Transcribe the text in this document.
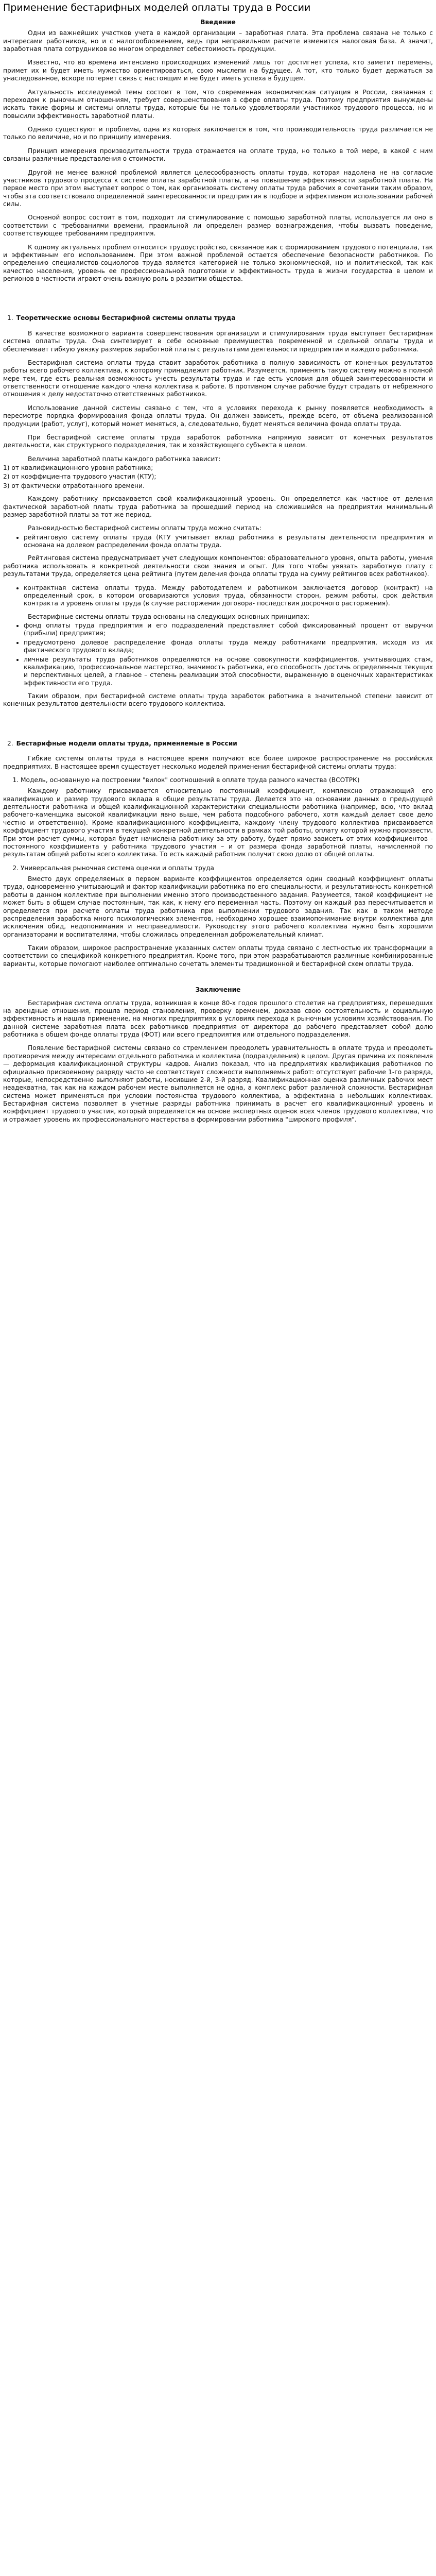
Применение бестарифных моделей оплаты труда в России
Введение

Одни из важнейших участков учета в каждой организации – заработная плата. Эта проблема связана не только с интересами работников, но и с налогообложением, ведь при неправильном расчете изменится налоговая база. А значит, заработная плата сотрудников во многом определяет себестоимость продукции.

Известно, что во времена интенсивно происходящих изменений лишь тот достигнет успеха, кто заметит перемены, примет их и будет иметь мужество ориентироваться, свою мыслепи на будущее. А тот, кто только будет держаться за унаследованное, вскоре потеряет связь с настоящим и не будет иметь успеха в будущем.

Актуальность исследуемой темы состоит в том, что современная экономическая ситуация в России, связанная с переходом к рыночным отношениям, требует совершенствования в сфере оплаты труда. Поэтому предприятия вынуждены искать такие формы и системы оплаты труда, которые бы не только удовлетворяли участников трудового процесса, но и повысили эффективность заработной платы.

Однако существуют и проблемы, одна из которых заключается в том, что производительность труда различается не только по величине, но и по принципу измерения.

Принцип измерения производительности труда отражается на оплате труда, но только в той мере, в какой с ним связаны различные представления о стоимости.

Другой не менее важной проблемой является целесообразность оплаты труда, которая надолена не на согласие участников трудового процесса к системе оплаты заработной платы, а на повышение эффективности заработной платы. На первое место при этом выступает вопрос о том, как организовать систему оплаты труда рабочих в сочетании таким образом, чтобы эта соответствовало определенной заинтересованности предприятия в подборе и эффективном использовании рабочей силы.

Основной вопрос состоит в том, подходит ли стимулирование с помощью заработной платы, используется ли оно в соответствии с требованиями времени, правильной ли определен размер вознаграждения, чтобы вызвать поведение, соответствующее требованиям предприятия.

К одному актуальных проблем относится трудоустройство, связанное как с формированием трудового потенциала, так и эффективным его использованием. При этом важной проблемой остается обеспечение безопасности работников. По определению специалистов-социологов труда является категорией не только экономической, но и политической, так как качество населения, уровень ее профессиональной подготовки и эффективность труда в жизни государства в целом и регионов в частности играют очень важную роль в развитии общества.

1. Теоретические основы бестарифной системы оплаты труда

В качестве возможного варианта совершенствования организации и стимулирования труда выступает бестарифная система оплаты труда. Она синтезирует в себе основные преимущества повременной и сдельной оплаты труда и обеспечивает гибкую увязку размеров заработной платы с результатами деятельности предприятия и каждого работника.

Бестарифная система оплаты труда ставит заработок работника в полную зависимость от конечных результатов работы всего рабочего коллектива, к которому принадлежит работник. Разумеется, применять такую систему можно в полной мере тем, где есть реальная возможность учесть результаты труда и где есть условия для общей заинтересованности и ответственности отношение каждого члена коллектива к работе. В противном случае рабочие будут страдать от небрежного отношения к делу недостаточно ответственных работников.

Использование данной системы связано с тем, что в условиях перехода к рынку появляется необходимость в пересмотре порядка формирования фонда оплаты труда. Он должен зависеть, прежде всего, от объема реализованной продукции (работ, услуг), который может меняться, а, следовательно, будет меняться величина фонда оплаты труда.

При бестарифной системе оплаты труда заработок работника напрямую зависит от конечных результатов деятельности, как структурного подразделения, так и хозяйствующего субъекта в целом.

Величина заработной платы каждого работника зависит:

1) от квалификационного уровня работника;
2) от коэффициента трудового участия (КТУ);
3) от фактически отработанного времени.

Каждому работнику присваивается свой квалификационный уровень. Он определяется как частное от деления фактической заработной платы труда работника за прошедший период на сложившийся на предприятии минимальный размер заработной платы за тот же период.

Разновидностью бестарифной системы оплаты труда можно считать:

• рейтинговую систему оплаты труда (КТУ учитывает вклад работника в результаты деятельности предприятия и основана на долевом распределении фонда оплаты труда.

Рейтинговая система предусматривает учет следующих компонентов: образовательного уровня, опыта работы, умения работника использовать в конкретной деятельности свои знания и опыт. Для того чтобы увязать заработную плату с результатами труда, определяется цена рейтинга (путем деления фонда оплаты труда на сумму рейтингов всех работников).

• контрактная система оплаты труда. Между работодателем и работником заключается договор (контракт) на определенный срок, в котором оговариваются условия труда, обязанности сторон, режим работы, срок действия контракта и уровень оплаты труда (в случае расторжения договора- последствия досрочного расторжения).

Бестарифные системы оплаты труда основаны на следующих основных принципах:

• фонд оплаты труда предприятия и его подразделений представляет собой фиксированный процент от выручки (прибыли) предприятия;
• предусмотрено долевое распределение фонда оплаты труда между работниками предприятия, исходя из их фактического трудового вклада;
• личные результаты труда работников определяются на основе совокупности коэффициентов, учитывающих стаж, квалификацию, профессиональное мастерство, значимость работника, его способность достичь определенных текущих и перспективных целей, а главное – степень реализации этой способности, выраженную в оценочных характеристиках эффективности его труда.

Таким образом, при бестарифной системе оплаты труда заработок работника в значительной степени зависит от конечных результатов деятельности всего трудового коллектива.

2. Бестарифные модели оплаты труда, применяемые в России

Гибкие системы оплаты труда в настоящее время получают все более широкое распространение на российских предприятиях. В настоящее время существует несколько моделей применения бестарифной системы оплаты труда:

1. Модель, основанную на построении "вилок" соотношений в оплате труда разного качества (ВСОТРК)

Каждому работнику присваивается относительно постоянный коэффициент, комплексно отражающий его квалификацию и размер трудового вклада в общие результаты труда. Делается это на основании данных о предыдущей деятельности работника и общей квалификационной характеристики специальности работника (например, всю, что вклад рабочего-каменщика высокой квалификации явно выше, чем работа подсобного рабочего, хотя каждый делает свое дело честно и ответственно). Кроме квалификационного коэффициента, каждому члену трудового коллектива присваивается коэффициент трудового участия в текущей конкретной деятельности в рамках той работы, оплату которой нужно произвести. При этом расчет суммы, которая будет начислена работнику за эту работу, будет прямо зависеть от этих коэффициентов - постоянного коэффициента у работника трудового участия – и от размера фонда заработной платы, начисленной по результатам общей работы всего коллектива. То есть каждый работник получит свою долю от общей оплаты.

2. Универсальная рыночная система оценки и оплаты труда

Вместо двух определяемых в первом варианте коэффициентов определяется один сводный коэффициент оплаты труда, одновременно учитывающий и фактор квалификации работника по его специальности, и результативность конкретной работы в данном коллективе при выполнении именно этого производственного задания. Разумеется, такой коэффициент не может быть в общем случае постоянным, так как, к нему его переменная часть. Поэтому он каждый раз пересчитывается и определяется при расчете оплаты труда работника при выполнении трудового задания. Так как в таком методе распределения заработка много психологических элементов, необходимо хорошее взаимопонимание внутри коллектива для исключения обид, недопонимания и несправедливости. Руководству этого рабочего коллектива нужно быть хорошими организаторами и воспитателями, чтобы сложилась определенная доброжелательный климат.

Таким образом, широкое распространение указанных систем оплаты труда связано с лестностью их трансформации в соответствии со спецификой конкретного предприятия. Кроме того, при этом разрабатываются различные комбинированные варианты, которые помогают наиболее оптимально сочетать элементы традиционной и бестарифной схем оплаты труда.

Заключение

Бестарифная система оплаты труда, возникшая в конце 80-х годов прошлого столетия на предприятиях, перешедших на арендные отношения, прошла период становления, проверку временем, доказав свою состоятельность и социальную эффективность и нашла применение, на многих предприятиях в условиях перехода к рыночным условиям хозяйствования. По данной системе заработная плата всех работников предприятия от директора до рабочего представляет собой долю работника в общем фонде оплаты труда (ФОТ) или всего предприятия или отдельного подразделения.

Появление бестарифной системы связано со стремлением преодолеть уравнительность в оплате труда и преодолеть противоречия между интересами отдельного работника и коллектива (подразделения) в целом. Другая причина их появления — деформация квалификационной структуры кадров. Анализ показал, что на предприятиях квалификация работников по официально присвоенному разряду часто не соответствует сложности выполняемых работ: отсутствует рабочие 1-го разряда, которые, непосредственно выполняют работы, носившие 2-й, 3-й разряд. Квалификационная оценка различных рабочих мест неадекватна, так как на каждом рабочем месте выполняется не одна, а комплекс работ различной сложности. Бестарифная система может применяться при условии постоянства трудового коллектива, а эффективна в небольших коллективах. Бестарифная система позволяет в учетные разряды работника принимать в расчет его квалификационный уровень и коэффициент трудового участия, который определяется на основе экспертных оценок всех членов трудового коллектива, что и отражает уровень их профессионального мастерства в формировании работника "широкого профиля".
